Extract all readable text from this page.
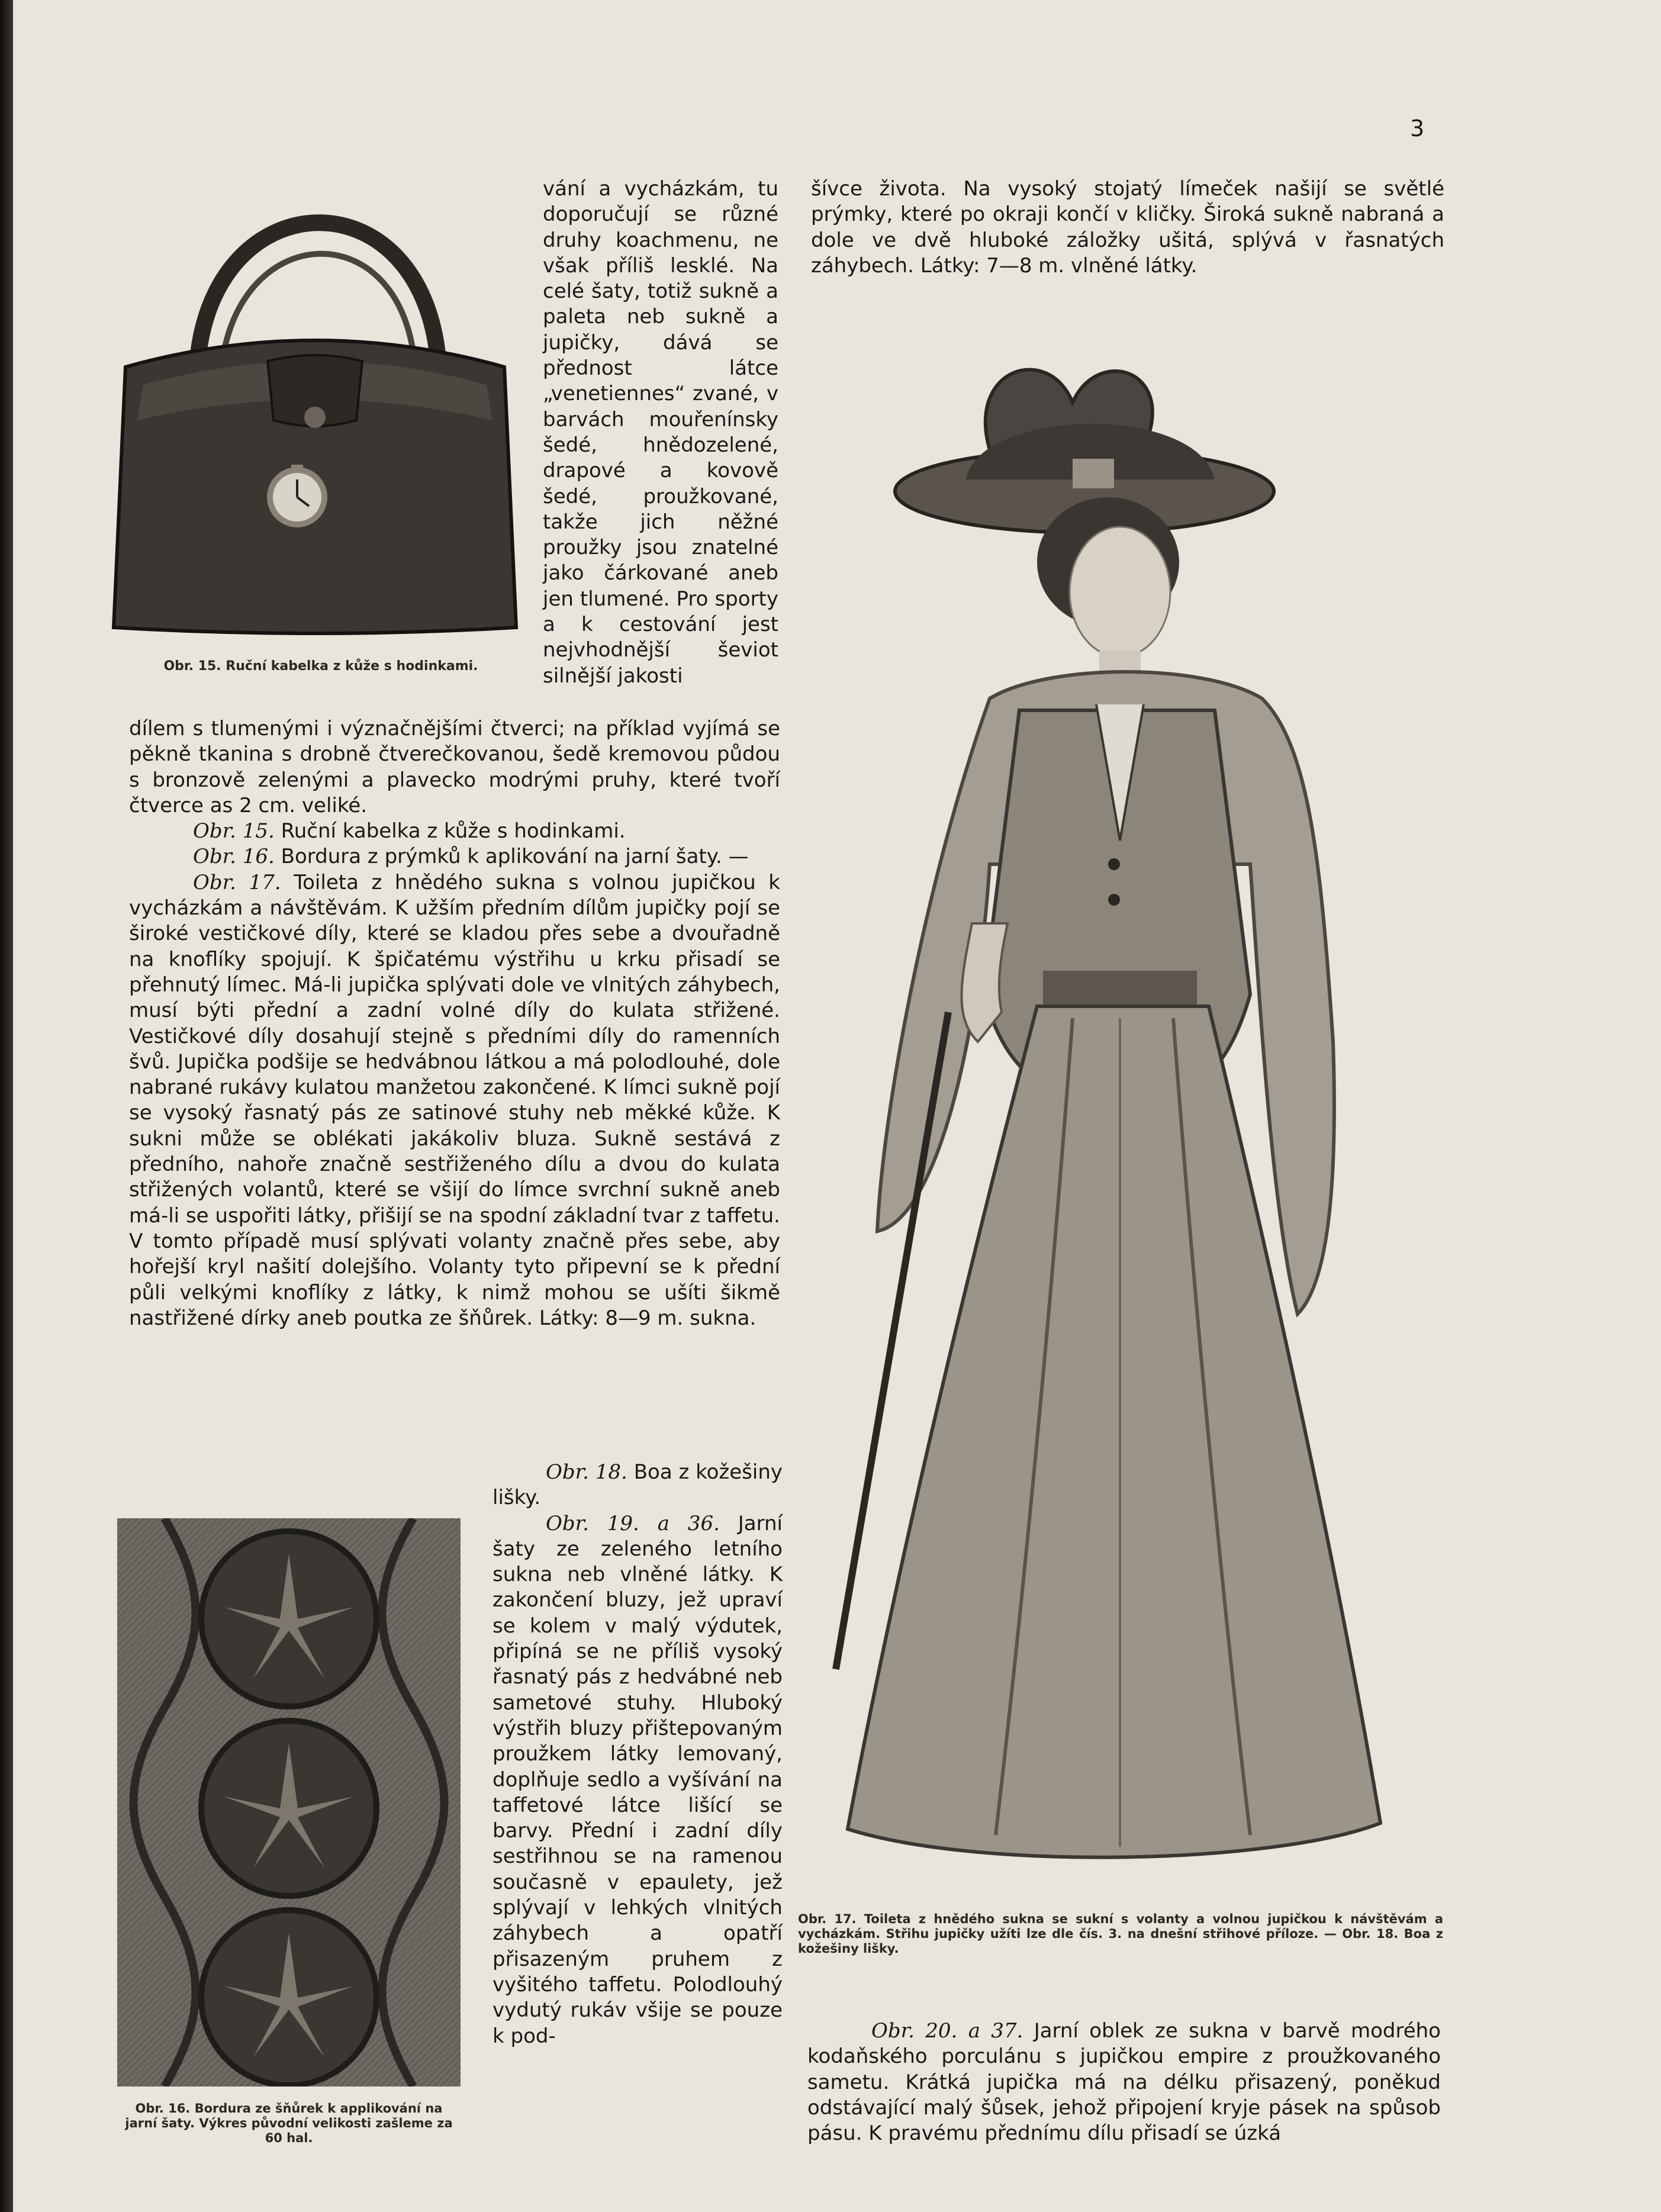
3
Obr. 15. Ruční kabelka z kůže s hodinkami.

vání a vycházkám, tu doporučují se různé druhy koachmenu, ne však příliš lesklé. Na celé šaty, totiž sukně a paleta neb sukně a jupičky, dává se přednost látce „venetiennes“ zvané, v barvách mouřenínsky šedé, hnědozelené, drapové a kovově šedé, proužkované, takže jich něžné proužky jsou znatelné jako čárkované aneb jen tlumené. Pro sporty a k cestování jest nejvhodnější ševiot silnější jakosti

dílem s tlumenými i význačnějšími čtverci; na příklad vyjímá se pěkně tkanina s drobně čtverečkovanou, šedě kremovou půdou s bronzově zelenými a plavecko modrými pruhy, které tvoří čtverce as 2 cm. veliké.

Obr. 15. Ruční kabelka z kůže s hodinkami.

Obr. 16. Bordura z prýmků k aplikování na jarní šaty. —

Obr. 17. Toileta z hnědého sukna s volnou jupičkou k vycházkám a návštěvám. K užším předním dílům jupičky pojí se široké vestičkové díly, které se kladou přes sebe a dvouřadně na knoflíky spojují. K špičatému výstřihu u krku přisadí se přehnutý límec. Má-li jupička splývati dole ve vlnitých záhybech, musí býti přední a zadní volné díly do kulata střižené. Vestičkové díly dosahují stejně s předními díly do ramenních švů. Jupička podšije se hedvábnou látkou a má polodlouhé, dole nabrané rukávy kulatou manžetou zakončené. K límci sukně pojí se vysoký řasnatý pás ze satinové stuhy neb měkké kůže. K sukni může se oblékati jakákoliv bluza. Sukně sestává z předního, nahoře značně sestřiženého dílu a dvou do kulata střižených volantů, které se všijí do límce svrchní sukně aneb má-li se uspořiti látky, přišijí se na spodní základní tvar z taffetu. V tomto případě musí splývati volanty značně přes sebe, aby hořejší kryl našití dolejšího. Volanty tyto připevní se k přední půli velkými knoflíky z látky, k nimž mohou se ušíti šikmě nastřižené dírky aneb poutka ze šňůrek. Látky: 8—9 m. sukna.

Obr. 16. Bordura ze šňůrek k applikování na jarní šaty. Výkres původní velikosti zašleme za 60 hal.

Obr. 18. Boa z kožešiny lišky.

Obr. 19. a 36. Jarní šaty ze zeleného letního sukna neb vlněné látky. K zakončení bluzy, jež upraví se kolem v malý výdutek, připíná se ne příliš vysoký řasnatý pás z hedvábné neb sametové stuhy. Hluboký výstřih bluzy přištepovaným proužkem látky lemovaný, doplňuje sedlo a vyšívání na taffetové látce lišící se barvy. Přední i zadní díly sestřihnou se na ramenou současně v epaulety, jež splývají v lehkých vlnitých záhybech a opatří přisazeným pruhem z vyšitého taffetu. Polodlouhý vydutý rukáv všije se pouze k pod-

šívce života. Na vysoký stojatý límeček našijí se světlé prýmky, které po okraji končí v kličky. Široká sukně nabraná a dole ve dvě hluboké záložky ušitá, splývá v řasnatých záhybech. Látky: 7—8 m. vlněné látky.

Obr. 17. Toileta z hnědého sukna se sukní s volanty a volnou jupičkou k návštěvám a vycházkám. Střihu jupičky užíti lze dle čís. 3. na dnešní střihové příloze. — Obr. 18. Boa z kožešiny lišky.

Obr. 20. a 37. Jarní oblek ze sukna v barvě modrého kodaňského porculánu s jupičkou empire z proužkovaného sametu. Krátká jupička má na délku přisazený, poněkud odstávající malý šůsek, jehož připojení kryje pásek na spůsob pásu. K pravému přednímu dílu přisadí se úzká
